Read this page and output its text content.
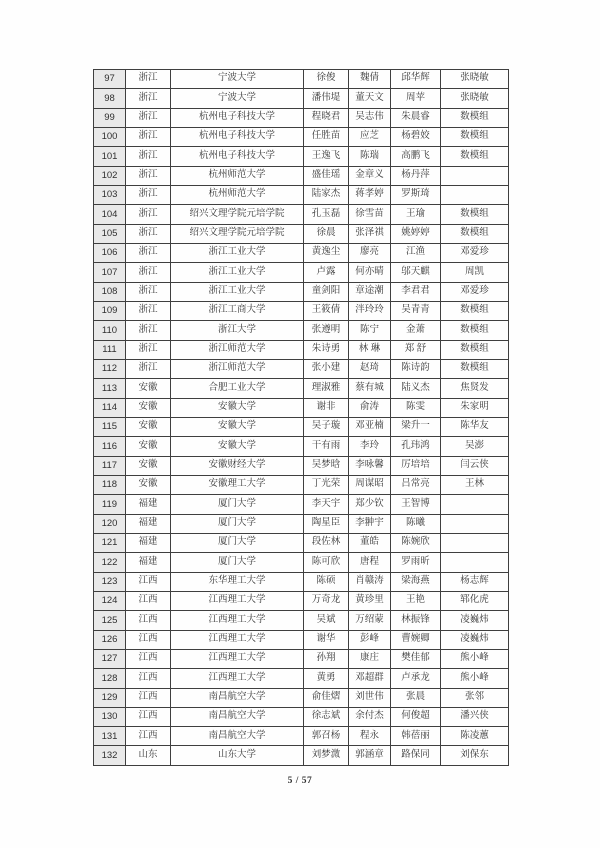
97	浙江	宁波大学	徐俊	魏倩	邱华辉	张晓敏
98	浙江	宁波大学	潘伟堤	董天文	周苹	张晓敏
99	浙江	杭州电子科技大学	程晓君	吴志伟	朱晨睿	数模组
100	浙江	杭州电子科技大学	任胜苗	应芝	杨碧姣	数模组
101	浙江	杭州电子科技大学	王逸飞	陈瑞	高鹏飞	数模组
102	浙江	杭州师范大学	盛佳瑶	金章义	杨丹萍	
103	浙江	杭州师范大学	陆家杰	蒋孝婷	罗斯琦	
104	浙江	绍兴文理学院元培学院	孔玉磊	徐雪苗	王瑜	数模组
105	浙江	绍兴文理学院元培学院	徐晨	张泽祺	姚婷婷	数模组
106	浙江	浙江工业大学	黄逸尘	廖亮	江渔	邓爱珍
107	浙江	浙江工业大学	卢露	何亦晴	邬天麒	周凯
108	浙江	浙江工业大学	童剑阳	章途潮	李君君	邓爱珍
109	浙江	浙江工商大学	王筱倩	泮玲玲	吴青青	数模组
110	浙江	浙江大学	张遵明	陈宁	金萧	数模组
111	浙江	浙江师范大学	朱诗勇	林 琳	郑 舒	数模组
112	浙江	浙江师范大学	张小建	赵琦	陈诗韵	数模组
113	安徽	合肥工业大学	理淑雅	蔡有城	陆义杰	焦贤发
114	安徽	安徽大学	谢非	俞涛	陈雯	朱家明
115	安徽	安徽大学	吴子璇	邓亚楠	梁升一	陈华友
116	安徽	安徽大学	干有雨	李玲	孔玮鸿	吴澎
117	安徽	安徽财经大学	吴梦晗	李咏馨	厉培培	闫云侠
118	安徽	安徽理工大学	丁光荣	周谋昭	吕常亮	王林
119	福建	厦门大学	李天宇	郑少钦	王智博	
120	福建	厦门大学	陶星臣	李翀宇	陈曦	
121	福建	厦门大学	段佐林	董皓	陈婉欣	
122	福建	厦门大学	陈可欣	唐程	罗雨昕	
123	江西	东华理工大学	陈硕	肖赣涛	梁海燕	杨志辉
124	江西	江西理工大学	万奇龙	黄珍里	王艳	郓化虎
125	江西	江西理工大学	吴斌	万绍蒙	林振锋	凌巍炜
126	江西	江西理工大学	谢华	彭峰	曹婉卿	凌巍炜
127	江西	江西理工大学	孙翔	康庄	樊佳郁	熊小峰
128	江西	江西理工大学	黄勇	邓超群	卢承龙	熊小峰
129	江西	南昌航空大学	俞佳熠	刘世伟	张晨	张邻
130	江西	南昌航空大学	徐志斌	余付杰	何俊超	潘兴侠
131	江西	南昌航空大学	郭召杨	程永	韩蓓丽	陈凌蕙
132	山东	山东大学	刘梦溦	郭涵章	路保同	刘保东
5 / 57
